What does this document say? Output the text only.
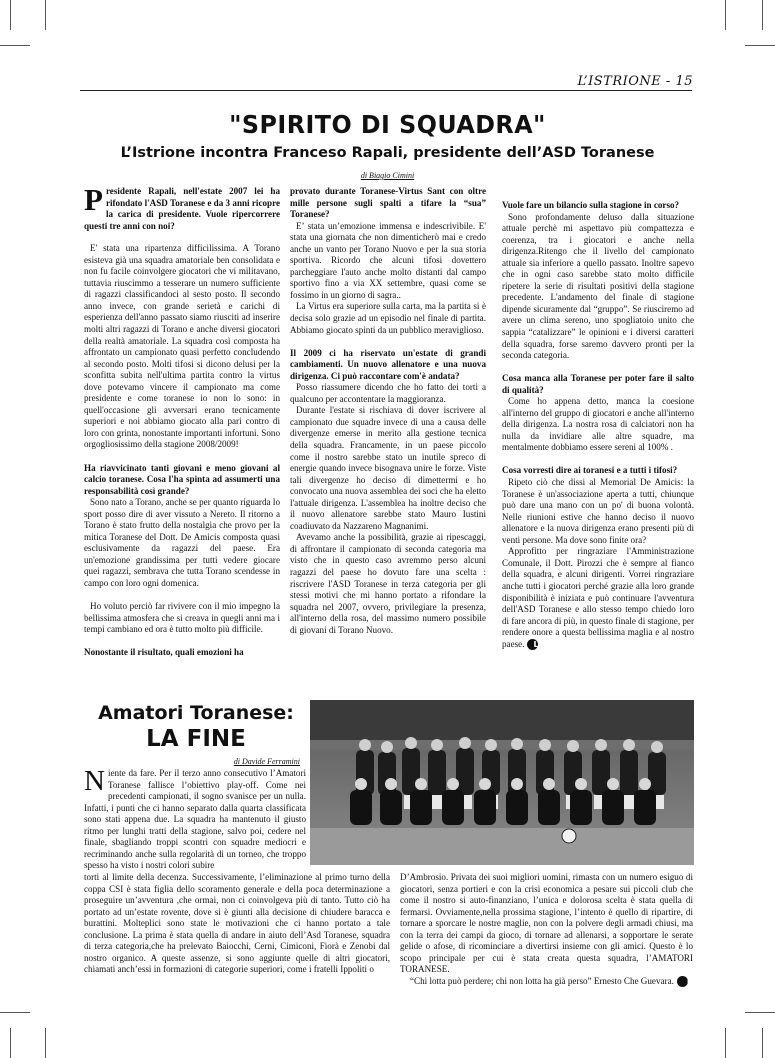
L’ISTRIONE - 15
"SPIRITO DI SQUADRA"
L’Istrione incontra Franceso Rapali, presidente dell’ASD Toranese
di Biagio Cimini

Presidente Rapali, nell'estate 2007 lei ha rifondato l'ASD Toranese e da 3 anni ricopre la carica di presidente. Vuole ripercorrere questi tre anni con noi?

E' stata una ripartenza difficilissima. A Torano esisteva già una squadra amatoriale ben consolidata e non fu facile coinvolgere giocatori che vi militavano, tuttavia riuscimmo a tesserare un numero sufficiente di ragazzi classificandoci al sesto posto. Il secondo anno invece, con grande serietà e carichi di esperienza dell'anno passato siamo riusciti ad inserire molti altri ragazzi di Torano e anche diversi giocatori della realtà amatoriale. La squadra così composta ha affrontato un campionato quasi perfetto concludendo al secondo posto. Molti tifosi si dicono delusi per la sconfitta subita nell'ultima partita contro la virtus dove potevamo vincere il campionato ma come presidente e come toranese io non lo sono: in quell'occasione gli avversari erano tecnicamente superiori e noi abbiamo giocato alla pari contro di loro con grinta, nonostante importanti infortuni. Sono orgogliosissimo della stagione 2008/2009!

Ha riavvicinato tanti giovani e meno giovani al calcio toranese. Cosa l'ha spinta ad assumerti una responsabilità così grande?

Sono nato a Torano, anche se per quanto riguarda lo sport posso dire di aver vissuto a Nereto. Il ritorno a Torano è stato frutto della nostalgia che provo per la mitica Toranese del Dott. De Amicis composta quasi esclusivamente da ragazzi del paese. Era un'emozione grandissima per tutti vedere giocare quei ragazzi, sembrava che tutta Torano scendesse in campo con loro ogni domenica.

Ho voluto perciò far rivivere con il mio impegno la bellissima atmosfera che si creava in quegli anni ma i tempi cambiano ed ora è tutto molto più difficile.

Nonostante il risultato, quali emozioni ha

provato durante Toranese-Virtus Sant con oltre mille persone sugli spalti a tifare la “sua” Toranese?

E’ stata un’emozione immensa e indescrivibile. E' stata una giornata che non dimenticherò mai e credo anche un vanto per Torano Nuovo e per la sua storia sportiva. Ricordo che alcuni tifosi dovettero parcheggiare l'auto anche molto distanti dal campo sportivo fino a via XX settembre, quasi come se fossimo in un giorno di sagra..

La Virtus era superiore sulla carta, ma la partita si è decisa solo grazie ad un episodio nel finale di partita. Abbiamo giocato spinti da un pubblico meraviglioso.

Il 2009 ci ha riservato un'estate di grandi cambiamenti. Un nuovo allenatore e una nuova dirigenza. Ci può raccontare com'è andata?

Posso riassumere dicendo che ho fatto dei torti a qualcuno per accontentare la maggioranza.

Durante l'estate si rischiava di dover iscrivere al campionato due squadre invece di una a causa delle divergenze emerse in merito alla gestione tecnica della squadra. Francamente, in un paese piccolo come il nostro sarebbe stato un inutile spreco di energie quando invece bisognava unire le forze. Viste tali divergenze ho deciso di dimettermi e ho convocato una nuova assemblea dei soci che ha eletto l'attuale dirigenza. L'assemblea ha inoltre deciso che il nuovo allenatore sarebbe stato Mauro Iustini coadiuvato da Nazzareno Magnanimi.

Avevamo anche la possibilità, grazie ai ripescaggi, di affrontare il campionato di seconda categoria ma visto che in questo caso avremmo perso alcuni ragazzi del paese ho dovuto fare una scelta : riscrivere l'ASD Toranese in terza categoria per gli stessi motivi che mi hanno portato a rifondare la squadra nel 2007, ovvero, privilegiare la presenza, all'interno della rosa, del massimo numero possibile di giovani di Torano Nuovo.

Vuole fare un bilancio sulla stagione in corso?

Sono profondamente deluso dalla situazione attuale perchè mi aspettavo più compattezza e coerenza, tra i giocatori e anche nella dirigenza.Ritengo che il livello del campionato attuale sia inferiore a quello passato. Inoltre sapevo che in ogni caso sarebbe stato molto difficile ripetere la serie di risultati positivi della stagione precedente. L'andamento del finale di stagione dipende sicuramente dal “gruppo”. Se riusciremo ad avere un clima sereno, uno spogliatoio unito che sappia “catalizzare” le opinioni e i diversi caratteri della squadra, forse saremo davvero pronti per la seconda categoria.

Cosa manca alla Toranese per poter fare il salto di qualità?

Come ho appena detto, manca la coesione all'interno del gruppo di giocatori e anche all'interno della dirigenza. La nostra rosa di calciatori non ha nulla da invidiare alle altre squadre, ma mentalmente dobbiamo essere sereni al 100% .

Cosa vorresti dire ai toranesi e a tutti i tifosi?

Ripeto ciò che dissi al Memorial De Amicis: la Toranese è un'associazione aperta a tutti, chiunque può dare una mano con un po' di buona volontà. Nelle riunioni estive che hanno deciso il nuovo allenatore e la nuova dirigenza erano presenti più di venti persone. Ma dove sono finite ora?

Approfitto per ringraziare l'Amministrazione Comunale, il Dott. Pirozzi che è sempre al fianco della squadra, e alcuni dirigenti. Vorrei ringraziare anche tutti i giocatori perché grazie alla loro grande disponibilità è iniziata e può continuare l'avventura dell'ASD Toranese e allo stesso tempo chiedo loro di fare ancora di più, in questo finale di stagione, per rendere onore a questa bellissima maglia e al nostro paese. L

Amatori Toranese:
LA FINE
di Davide Ferramini

Niente da fare. Per il terzo anno consecutivo l’Amatori Toranese fallisce l’obiettivo play-off. Come nei precedenti campionati, il sogno svanisce per un nulla. Infatti, i punti che ci hanno separato dalla quarta classificata sono stati appena due. La squadra ha mantenuto il giusto ritmo per lunghi tratti della stagione, salvo poi, cedere nel finale, sbagliando troppi scontri con squadre mediocri e recriminando anche sulla regolarità di un torneo, che troppo spesso ha visto i nostri colori subire

torti al limite della decenza. Successivamente, l’eliminazione al primo turno della coppa CSI è stata figlia dello scoramento generale e della poca determinazione a proseguire un’avventura ,che ormai, non ci coinvolgeva più di tanto. Tutto ciò ha portato ad un’estate rovente, dove si è giunti alla decisione di chiudere baracca e burattini. Molteplici sono state le motivazioni che ci hanno portato a tale conclusione. La prima è stata quella di andare in aiuto dell’Asd Toranese, squadra di terza categoria,che ha prelevato Baiocchi, Cerni, Cimiconi, Fiorà e Zenobi dal nostro organico. A queste assenze, si sono aggiunte quelle di altri giocatori, chiamati anch’essi in formazioni di categorie superiori, come i fratelli Ippoliti o

D’Ambrosio. Privata dei suoi migliori uomini, rimasta con un numero esiguo di giocatori, senza portieri e con la crisi economica a pesare sui piccoli club che come il nostro si auto-finanziano, l’unica e dolorosa scelta è stata quella di fermarsi. Ovviamente,nella prossima stagione, l’intento è quello di ripartire, di tornare a sporcare le nostre maglie, non con la polvere degli armadi chiusi, ma con la terra dei campi da gioco, di tornare ad allenarsi, a sopportare le serate gelide o afose, di ricominciare a divertirsi insieme con gli amici. Questo è lo scopo principale per cui è stata creata questa squadra, l’AMATORI TORANESE.

“Chi lotta può perdere; chi non lotta ha già perso” Ernesto Che Guevara. L
